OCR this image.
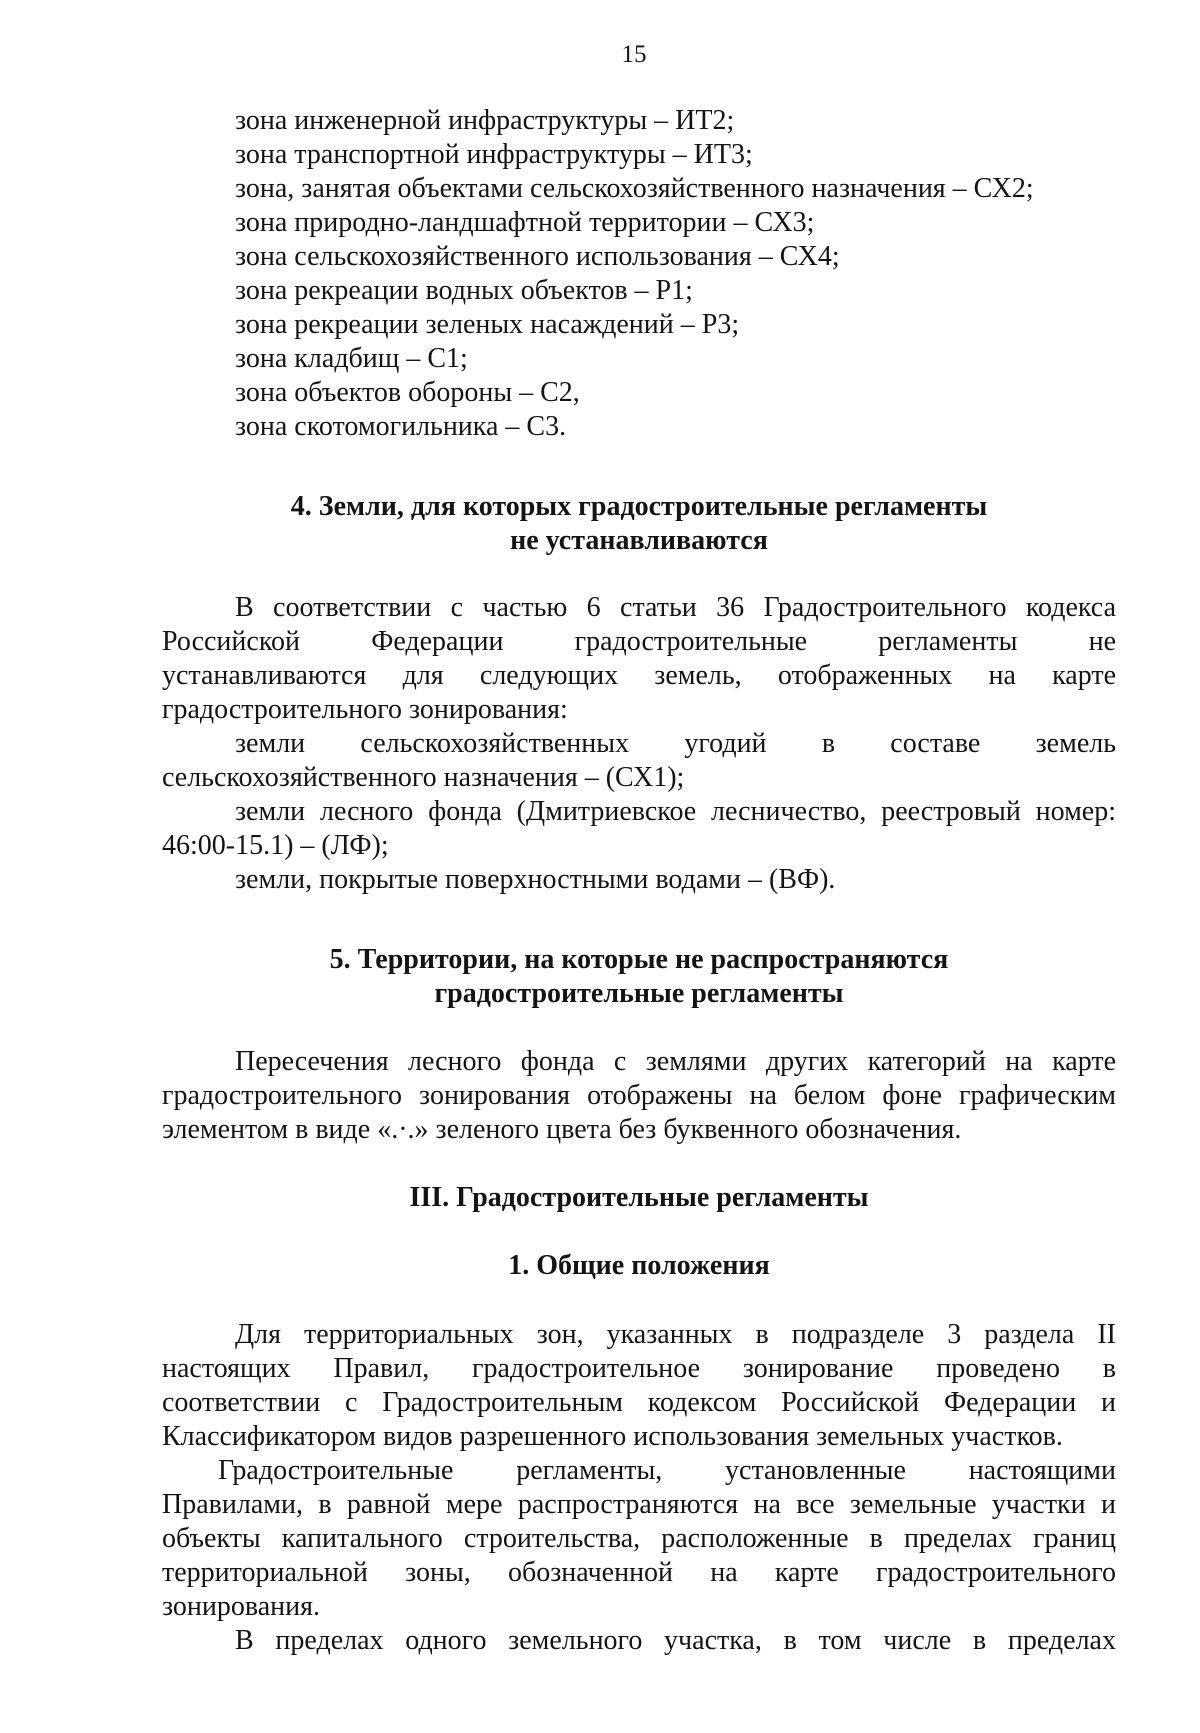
15
зона инженерной инфраструктуры – ИТ2;
зона транспортной инфраструктуры – ИТ3;
зона, занятая объектами сельскохозяйственного назначения – СХ2;
зона природно-ландшафтной территории – СХ3;
зона сельскохозяйственного использования – СХ4;
зона рекреации водных объектов – Р1;
зона рекреации зеленых насаждений – Р3;
зона кладбищ – С1;
зона объектов обороны – С2,
зона скотомогильника – С3.
4. Земли, для которых градостроительные регламенты
не устанавливаются
В соответствии с частью 6 статьи 36 Градостроительного кодекса
Российской Федерации градостроительные регламенты не
устанавливаются для следующих земель, отображенных на карте
градостроительного зонирования:
земли сельскохозяйственных угодий в составе земель
сельскохозяйственного назначения – (СХ1);
земли лесного фонда (Дмитриевское лесничество, реестровый номер:
46:00-15.1) – (ЛФ);
земли, покрытые поверхностными водами – (ВФ).
5. Территории, на которые не распространяются
градостроительные регламенты
Пересечения лесного фонда с землями других категорий на карте
градостроительного зонирования отображены на белом фоне графическим
элементом в виде «.·.» зеленого цвета без буквенного обозначения.
III. Градостроительные регламенты
1. Общие положения
Для территориальных зон, указанных в подразделе 3 раздела II
настоящих Правил, градостроительное зонирование проведено в
соответствии с Градостроительным кодексом Российской Федерации и
Классификатором видов разрешенного использования земельных участков.
Градостроительные регламенты, установленные настоящими
Правилами, в равной мере распространяются на все земельные участки и
объекты капитального строительства, расположенные в пределах границ
территориальной зоны, обозначенной на карте градостроительного
зонирования.
В пределах одного земельного участка, в том числе в пределах
